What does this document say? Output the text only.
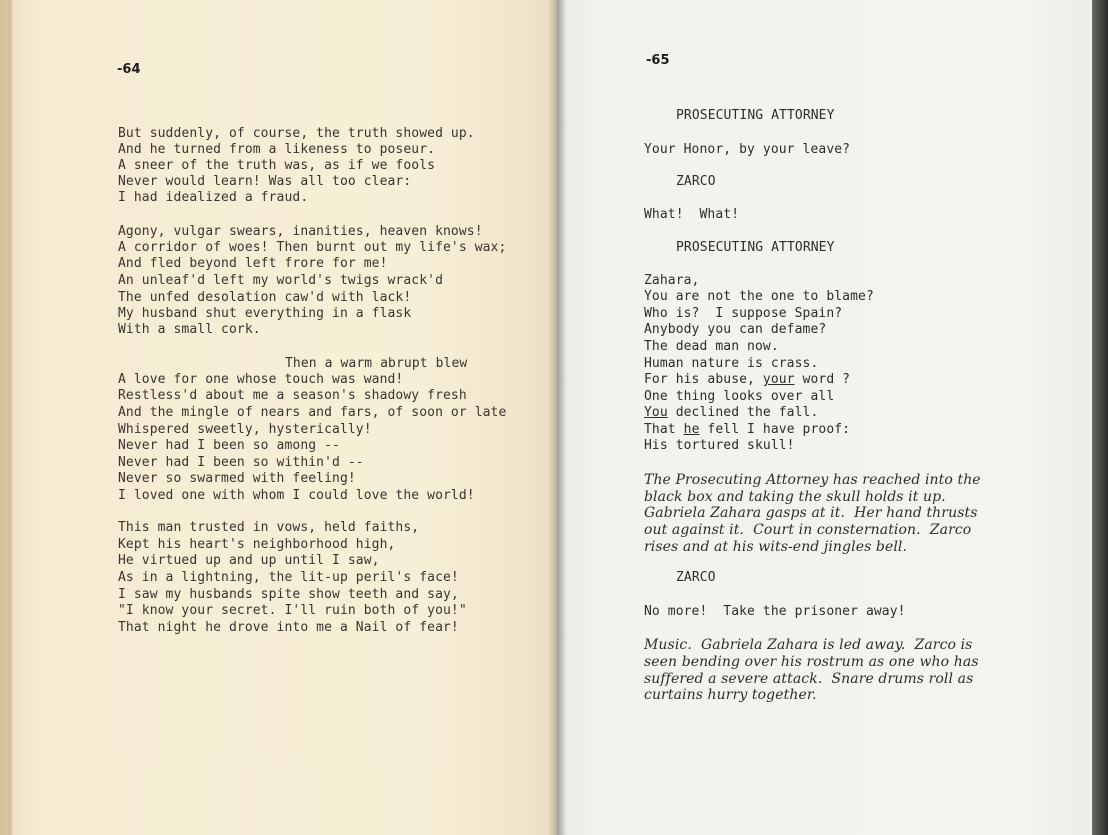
-64

But suddenly, of course, the truth showed up.

And he turned from a likeness to poseur.

A sneer of the truth was, as if we fools

Never would learn! Was all too clear:

I had idealized a fraud.

Agony, vulgar swears, inanities, heaven knows!

A corridor of woes! Then burnt out my life's wax;

And fled beyond left frore for me!

An unleaf'd left my world's twigs wrack'd

The unfed desolation caw'd with lack!

My husband shut everything in a flask

With a small cork.

Then a warm abrupt blew

A love for one whose touch was wand!

Restless'd about me a season's shadowy fresh

And the mingle of nears and fars, of soon or late

Whispered sweetly, hysterically!

Never had I been so among --

Never had I been so within'd --

Never so swarmed with feeling!

I loved one with whom I could love the world!

This man trusted in vows, held faiths,

Kept his heart's neighborhood high,

He virtued up and up until I saw,

As in a lightning, the lit-up peril's face!

I saw my husbands spite show teeth and say,

"I know your secret. I'll ruin both of you!"

That night he drove into me a Nail of fear!

-65

PROSECUTING ATTORNEY

Your Honor, by your leave?

ZARCO

What!  What!

PROSECUTING ATTORNEY

Zahara,

You are not the one to blame?

Who is?  I suppose Spain?

Anybody you can defame?

The dead man now.

Human nature is crass.

For his abuse, your word ?

One thing looks over all

You declined the fall.

That he fell I have proof:

His tortured skull!

The Prosecuting Attorney has reached into the

black box and taking the skull holds it up.

Gabriela Zahara gasps at it.  Her hand thrusts

out against it.  Court in consternation.  Zarco

rises and at his wits-end jingles bell.

ZARCO

No more!  Take the prisoner away!

Music.  Gabriela Zahara is led away.  Zarco is

seen bending over his rostrum as one who has

suffered a severe attack.  Snare drums roll as

curtains hurry together.
